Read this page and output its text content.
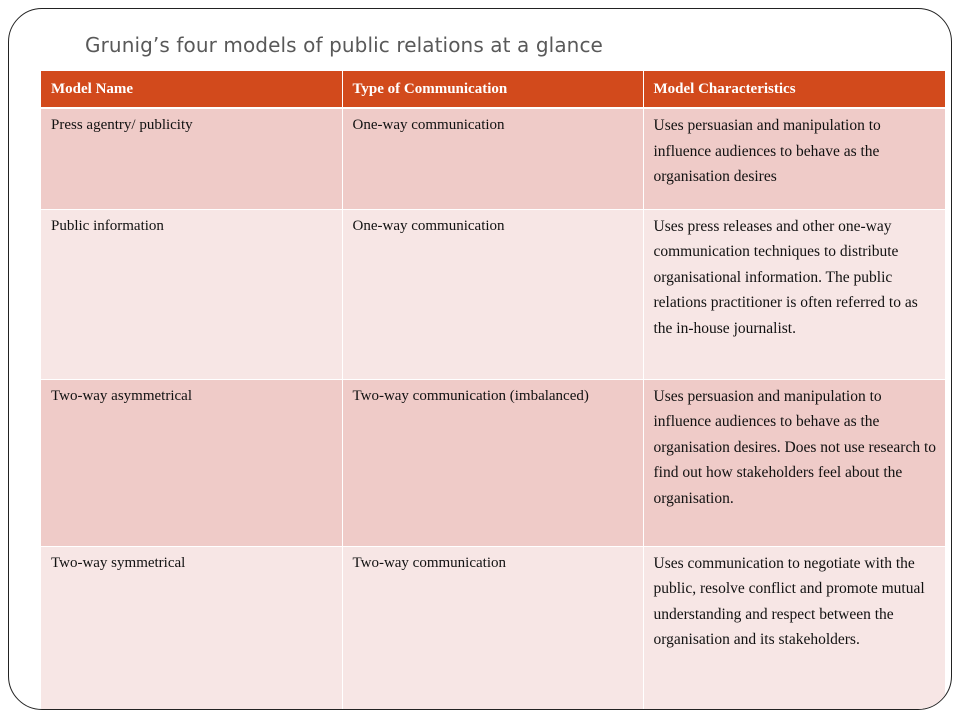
Grunig’s four models of public relations at a glance
Model Name	Type of Communication	Model Characteristics
Press agentry/ publicity	One-way communication	Uses persuasian and manipulation to influence audiences to behave as the organisation desires
Public information	One-way communication	Uses press releases and other one-way communication techniques to distribute organisational information. The public relations practitioner is often referred to as the in-house journalist.
Two-way asymmetrical	Two-way communication (imbalanced)	Uses persuasion and manipulation to influence audiences to behave as the organisation desires. Does not use research to find out how stakeholders feel about the organisation.
Two-way symmetrical	Two-way communication	Uses communication to negotiate with the public, resolve conflict and promote mutual understanding and respect between the organisation and its stakeholders.
